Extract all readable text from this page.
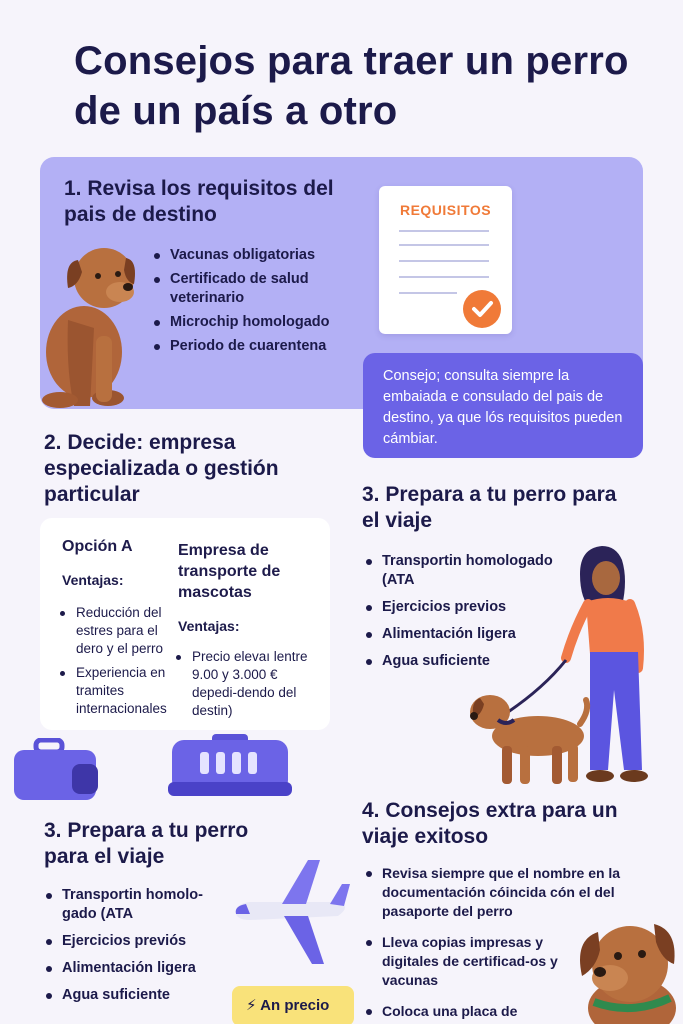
Consejos para traer un perro de un país a otro
1. Revisa los requisitos del pais de destino
Vacunas obligatorias
Certificado de salud veterinario
Microchip homologado
Periodo de cuarentena
REQUISITOS
Consejo; consulta siempre la embaiada e consulado del pais de destino, ya que lós requisitos pueden cámbiar.
2. Decide: empresa especializada o gestión particular
Opción A
Ventajas:
Reducción del estres para el dero y el perro
Experiencia en tramites internacionales
Empresa de transporte de mascotas
Ventajas:
Precio elevaı lentre 9.00 y 3.000 € depedi-dendo del destin)
3. Prepara a tu perro para el viaje
Transportin homologado (ATA
Ejercicios previos
Alimentación ligera
Agua suficiente
3. Prepara a tu perro para el viaje
Transportin homolo-gado (ATA
Ejercicios previós
Alimentación ligera
Agua suficiente
⚡ An precio
4. Consejos extra para un viaje exitoso
Revisa siempre que el nombre en la documentación cóincida cón el del pasaporte del perro
Lleva copias impresas y digitales de certificad-os y vacunas
Coloca una placa de
